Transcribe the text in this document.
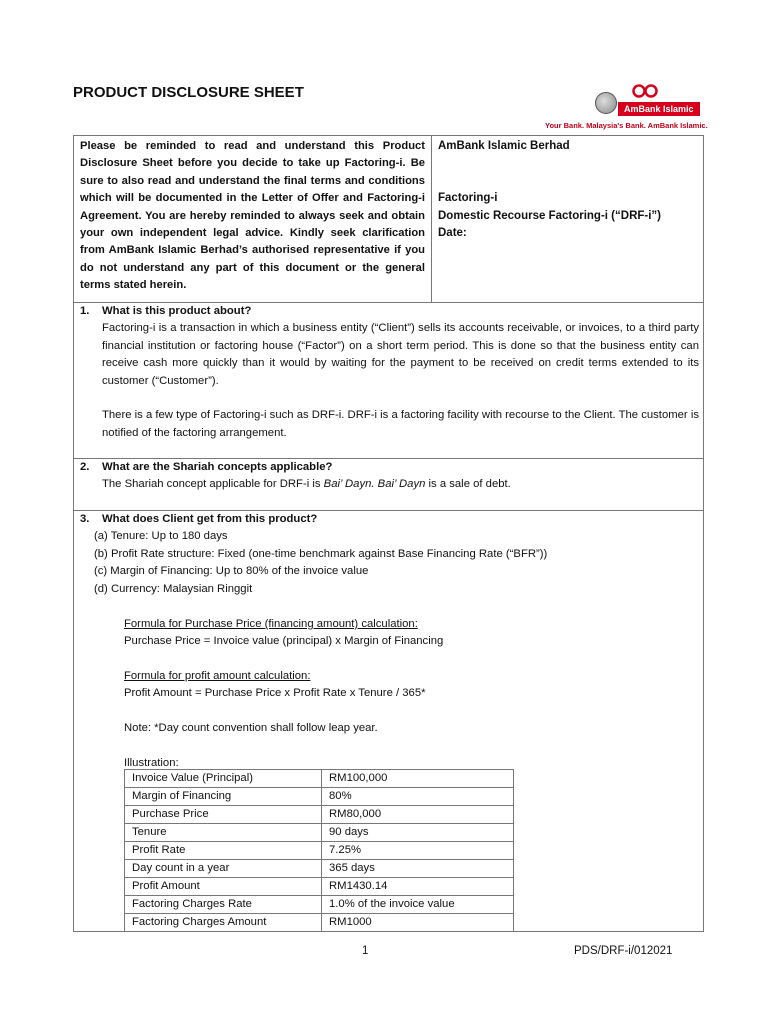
PRODUCT DISCLOSURE SHEET
AmBank Islamic
Your Bank. Malaysia's Bank. AmBank Islamic.
Please be reminded to read and understand this Product Disclosure Sheet before you decide to take up Factoring-i. Be sure to also read and understand the final terms and conditions which will be documented in the Letter of Offer and Factoring-i Agreement. You are hereby reminded to always seek and obtain your own independent legal advice. Kindly seek clarification from AmBank Islamic Berhad’s authorised representative if you do not understand any part of this document or the general terms stated herein.
AmBank Islamic Berhad
Factoring-i
Domestic Recourse Factoring-i (“DRF-i”)
Date:
1. What is this product about?
Factoring-i is a transaction in which a business entity (“Client”) sells its accounts receivable, or invoices, to a third party financial institution or factoring house (“Factor”) on a short term period. This is done so that the business entity can receive cash more quickly than it would by waiting for the payment to be received on credit terms extended to its customer (“Customer”).
There is a few type of Factoring-i such as DRF-i. DRF-i is a factoring facility with recourse to the Client. The customer is notified of the factoring arrangement.
2. What are the Shariah concepts applicable?
The Shariah concept applicable for DRF-i is Bai’ Dayn. Bai’ Dayn is a sale of debt.
3. What does Client get from this product?
(a) Tenure: Up to 180 days
(b) Profit Rate structure: Fixed (one-time benchmark against Base Financing Rate (“BFR”))
(c) Margin of Financing: Up to 80% of the invoice value
(d) Currency: Malaysian Ringgit
Formula for Purchase Price (financing amount) calculation:
Purchase Price = Invoice value (principal) x Margin of Financing
Formula for profit amount calculation:
Profit Amount = Purchase Price x Profit Rate x Tenure / 365*
Note: *Day count convention shall follow leap year.
Illustration:
Invoice Value (Principal)	RM100,000
Margin of Financing	80%
Purchase Price	RM80,000
Tenure	90 days
Profit Rate	7.25%
Day count in a year	365 days
Profit Amount	RM1430.14
Factoring Charges Rate	1.0% of the invoice value
Factoring Charges Amount	RM1000
1	PDS/DRF-i/012021
